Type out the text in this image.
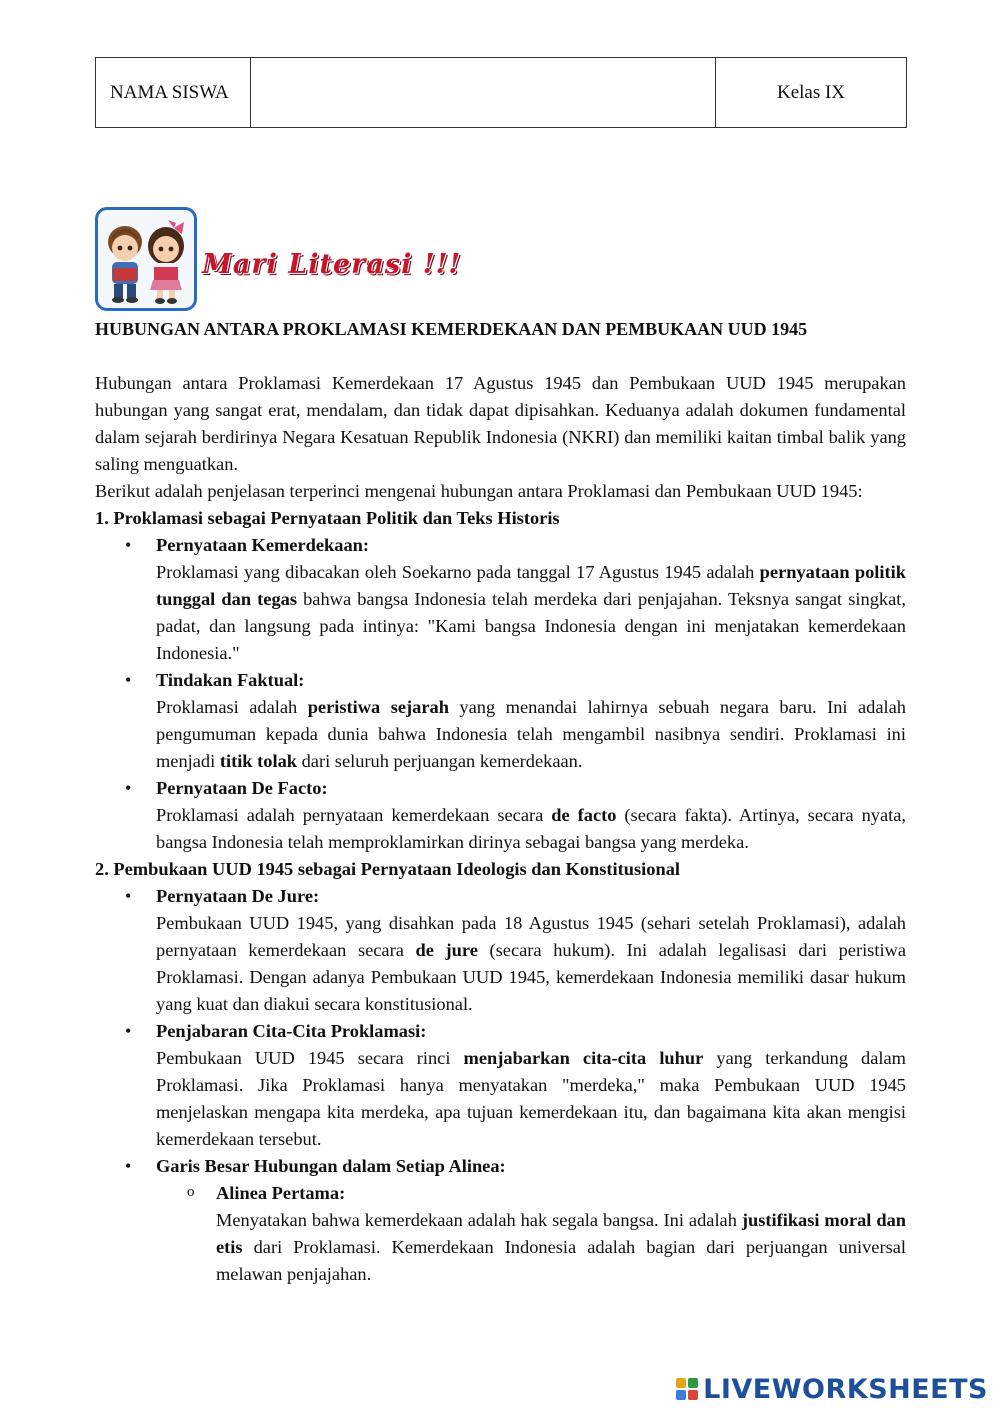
NAMA SISWA		Kelas IX
Mari Literasi !!!
HUBUNGAN ANTARA PROKLAMASI KEMERDEKAAN DAN PEMBUKAAN UUD 1945

Hubungan antara Proklamasi Kemerdekaan 17 Agustus 1945 dan Pembukaan UUD 1945 merupakan hubungan yang sangat erat, mendalam, dan tidak dapat dipisahkan. Keduanya adalah dokumen fundamental dalam sejarah berdirinya Negara Kesatuan Republik Indonesia (NKRI) dan memiliki kaitan timbal balik yang saling menguatkan.

Berikut adalah penjelasan terperinci mengenai hubungan antara Proklamasi dan Pembukaan UUD 1945:

1. Proklamasi sebagai Pernyataan Politik dan Teks Historis
• Pernyataan Kemerdekaan:
Proklamasi yang dibacakan oleh Soekarno pada tanggal 17 Agustus 1945 adalah pernyataan politik tunggal dan tegas bahwa bangsa Indonesia telah merdeka dari penjajahan. Teksnya sangat singkat, padat, dan langsung pada intinya: "Kami bangsa Indonesia dengan ini menjatakan kemerdekaan Indonesia."
• Tindakan Faktual:
Proklamasi adalah peristiwa sejarah yang menandai lahirnya sebuah negara baru. Ini adalah pengumuman kepada dunia bahwa Indonesia telah mengambil nasibnya sendiri. Proklamasi ini menjadi titik tolak dari seluruh perjuangan kemerdekaan.
• Pernyataan De Facto:
Proklamasi adalah pernyataan kemerdekaan secara de facto (secara fakta). Artinya, secara nyata, bangsa Indonesia telah memproklamirkan dirinya sebagai bangsa yang merdeka.
2. Pembukaan UUD 1945 sebagai Pernyataan Ideologis dan Konstitusional
• Pernyataan De Jure:
Pembukaan UUD 1945, yang disahkan pada 18 Agustus 1945 (sehari setelah Proklamasi), adalah pernyataan kemerdekaan secara de jure (secara hukum). Ini adalah legalisasi dari peristiwa Proklamasi. Dengan adanya Pembukaan UUD 1945, kemerdekaan Indonesia memiliki dasar hukum yang kuat dan diakui secara konstitusional.
• Penjabaran Cita-Cita Proklamasi:
Pembukaan UUD 1945 secara rinci menjabarkan cita-cita luhur yang terkandung dalam Proklamasi. Jika Proklamasi hanya menyatakan "merdeka," maka Pembukaan UUD 1945 menjelaskan mengapa kita merdeka, apa tujuan kemerdekaan itu, dan bagaimana kita akan mengisi kemerdekaan tersebut.
• Garis Besar Hubungan dalam Setiap Alinea:
o Alinea Pertama:
Menyatakan bahwa kemerdekaan adalah hak segala bangsa. Ini adalah justifikasi moral dan etis dari Proklamasi. Kemerdekaan Indonesia adalah bagian dari perjuangan universal melawan penjajahan.
LIVEWORKSHEETS
